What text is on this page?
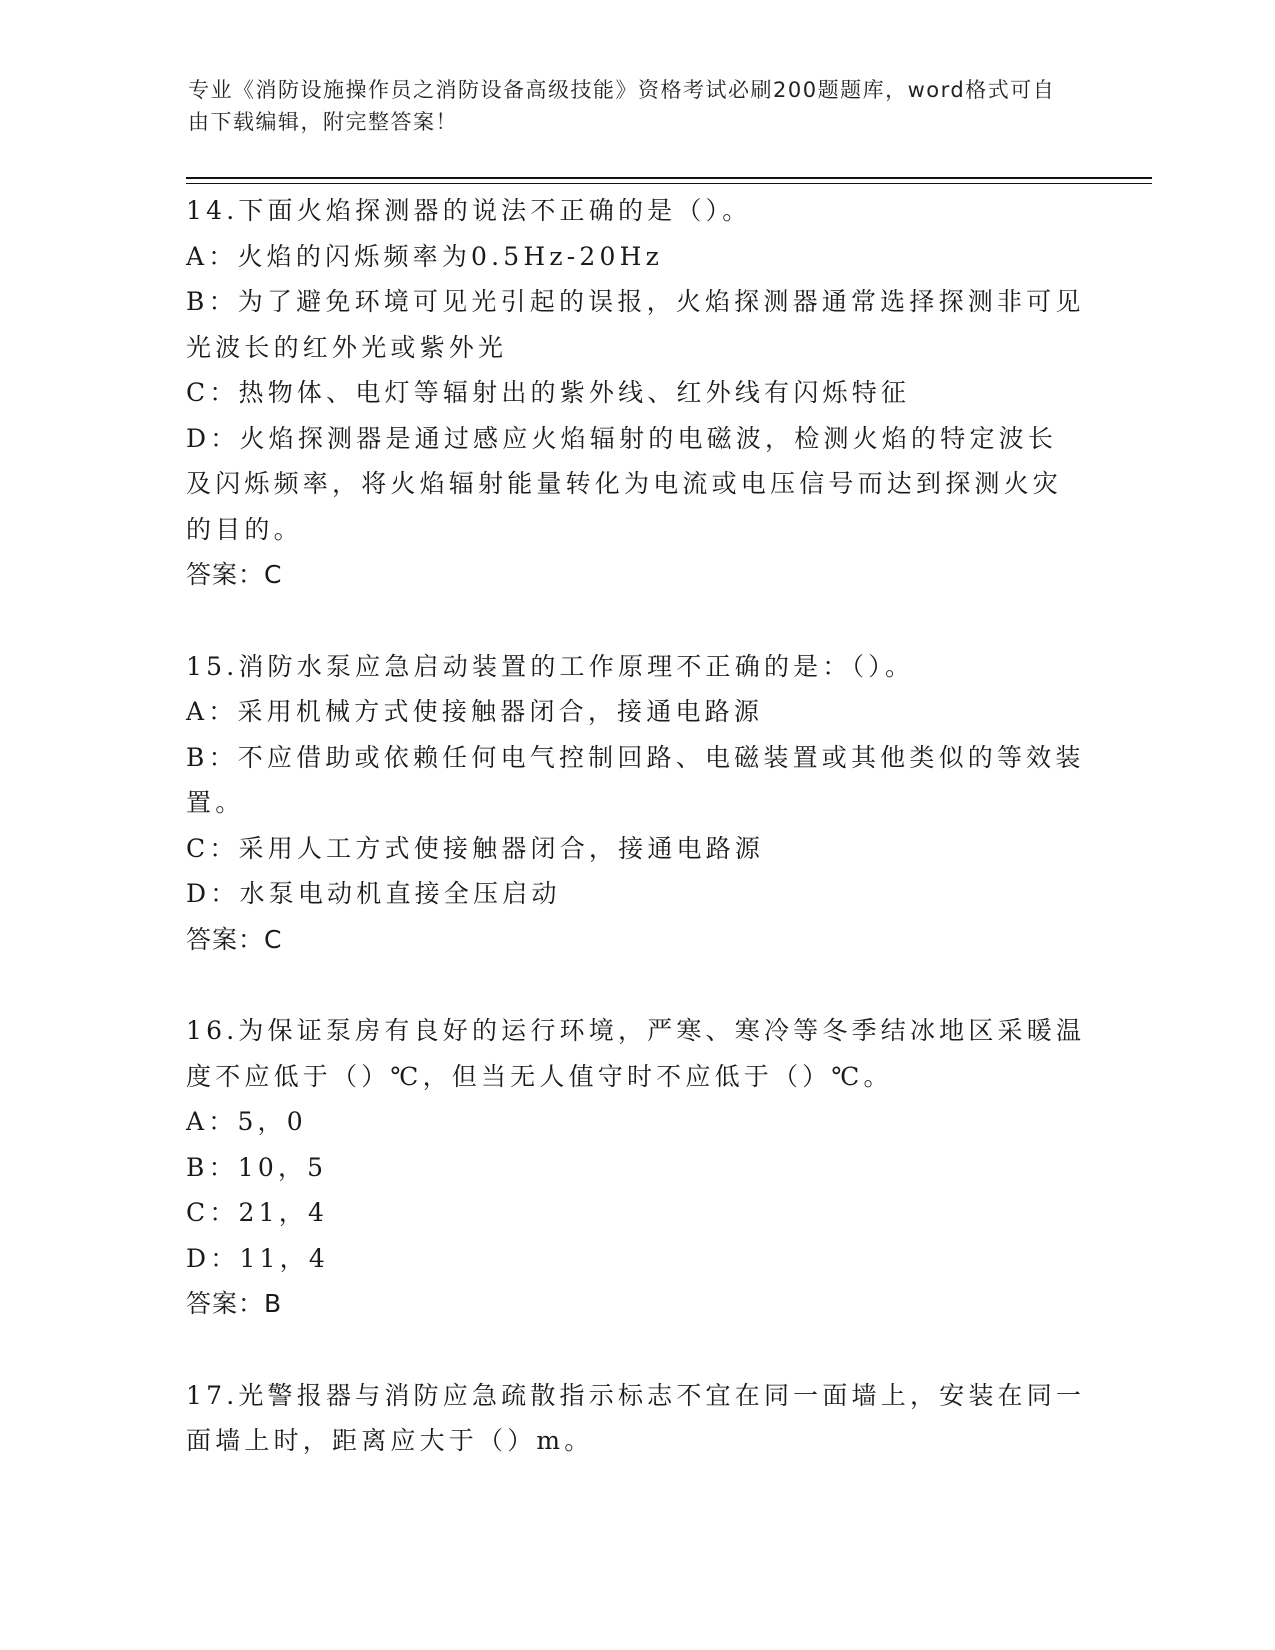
专业《消防设施操作员之消防设备高级技能》资格考试必刷200题题库，word格式可自由下载编辑，附完整答案！
14.下面火焰探测器的说法不正确的是（）。
A：火焰的闪烁频率为0.5Hz-20Hz
B：为了避免环境可见光引起的误报，火焰探测器通常选择探测非可见光波长的红外光或紫外光
C：热物体、电灯等辐射出的紫外线、红外线有闪烁特征
D：火焰探测器是通过感应火焰辐射的电磁波，检测火焰的特定波长及闪烁频率，将火焰辐射能量转化为电流或电压信号而达到探测火灾的目的。
答案：C
15.消防水泵应急启动装置的工作原理不正确的是：（）。
A：采用机械方式使接触器闭合，接通电路源
B：不应借助或依赖任何电气控制回路、电磁装置或其他类似的等效装置。
C：采用人工方式使接触器闭合，接通电路源
D：水泵电动机直接全压启动
答案：C
16.为保证泵房有良好的运行环境，严寒、寒冷等冬季结冰地区采暖温度不应低于（）℃，但当无人值守时不应低于（）℃。
A：5，0
B：10，5
C：21，4
D：11，4
答案：B
17.光警报器与消防应急疏散指示标志不宜在同一面墙上，安装在同一面墙上时，距离应大于（）m。
